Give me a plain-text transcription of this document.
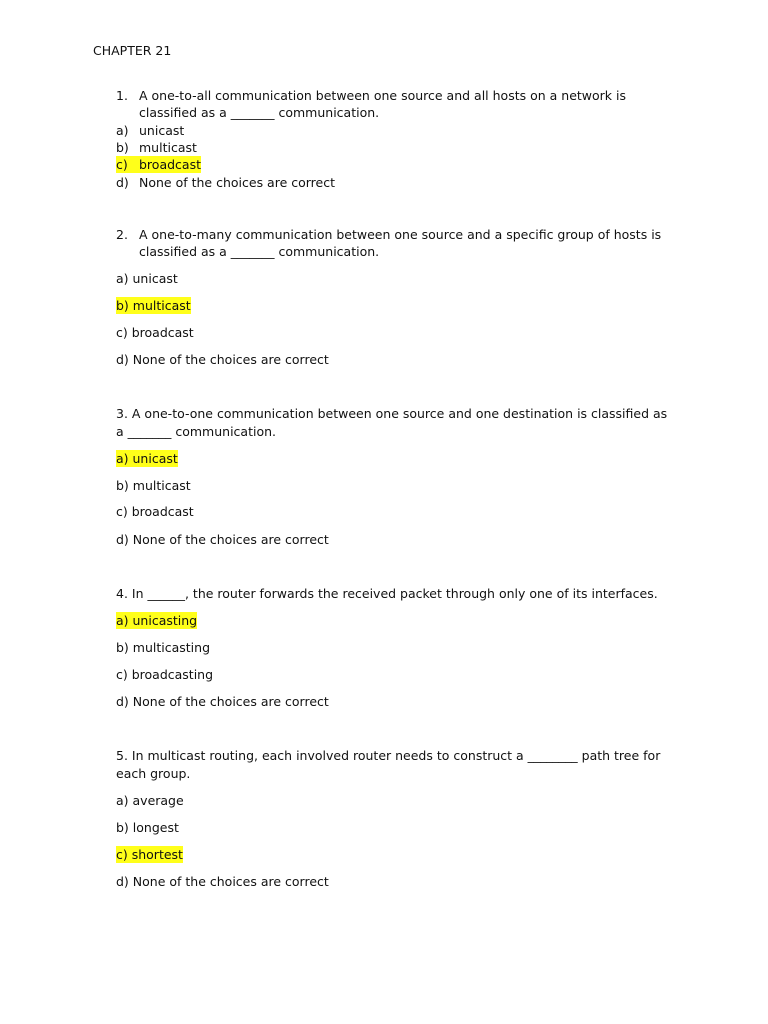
CHAPTER 21
1. A one-to-all communication between one source and all hosts on a network is
classified as a _______ communication.
a) unicast
b) multicast
c) broadcast
d) None of the choices are correct
2. A one-to-many communication between one source and a specific group of hosts is
classified as a _______ communication.
a) unicast
b) multicast
c) broadcast
d) None of the choices are correct
3. A one-to-one communication between one source and one destination is classified as
a _______ communication.
a) unicast
b) multicast
c) broadcast
d) None of the choices are correct
4. In ______, the router forwards the received packet through only one of its interfaces.
a) unicasting
b) multicasting
c) broadcasting
d) None of the choices are correct
5. In multicast routing, each involved router needs to construct a ________ path tree for
each group.
a) average
b) longest
c) shortest
d) None of the choices are correct
